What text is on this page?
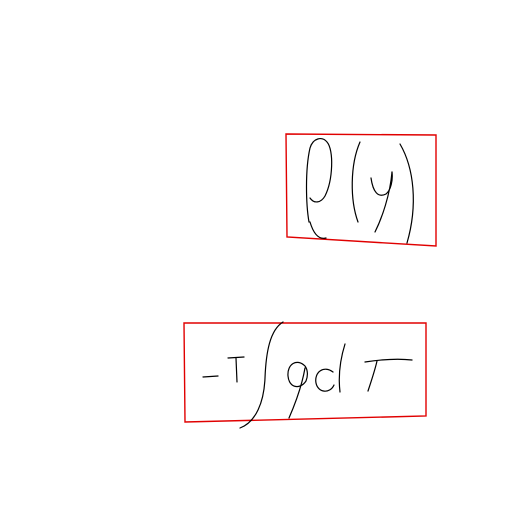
ρ(y)
−T∫qdT
